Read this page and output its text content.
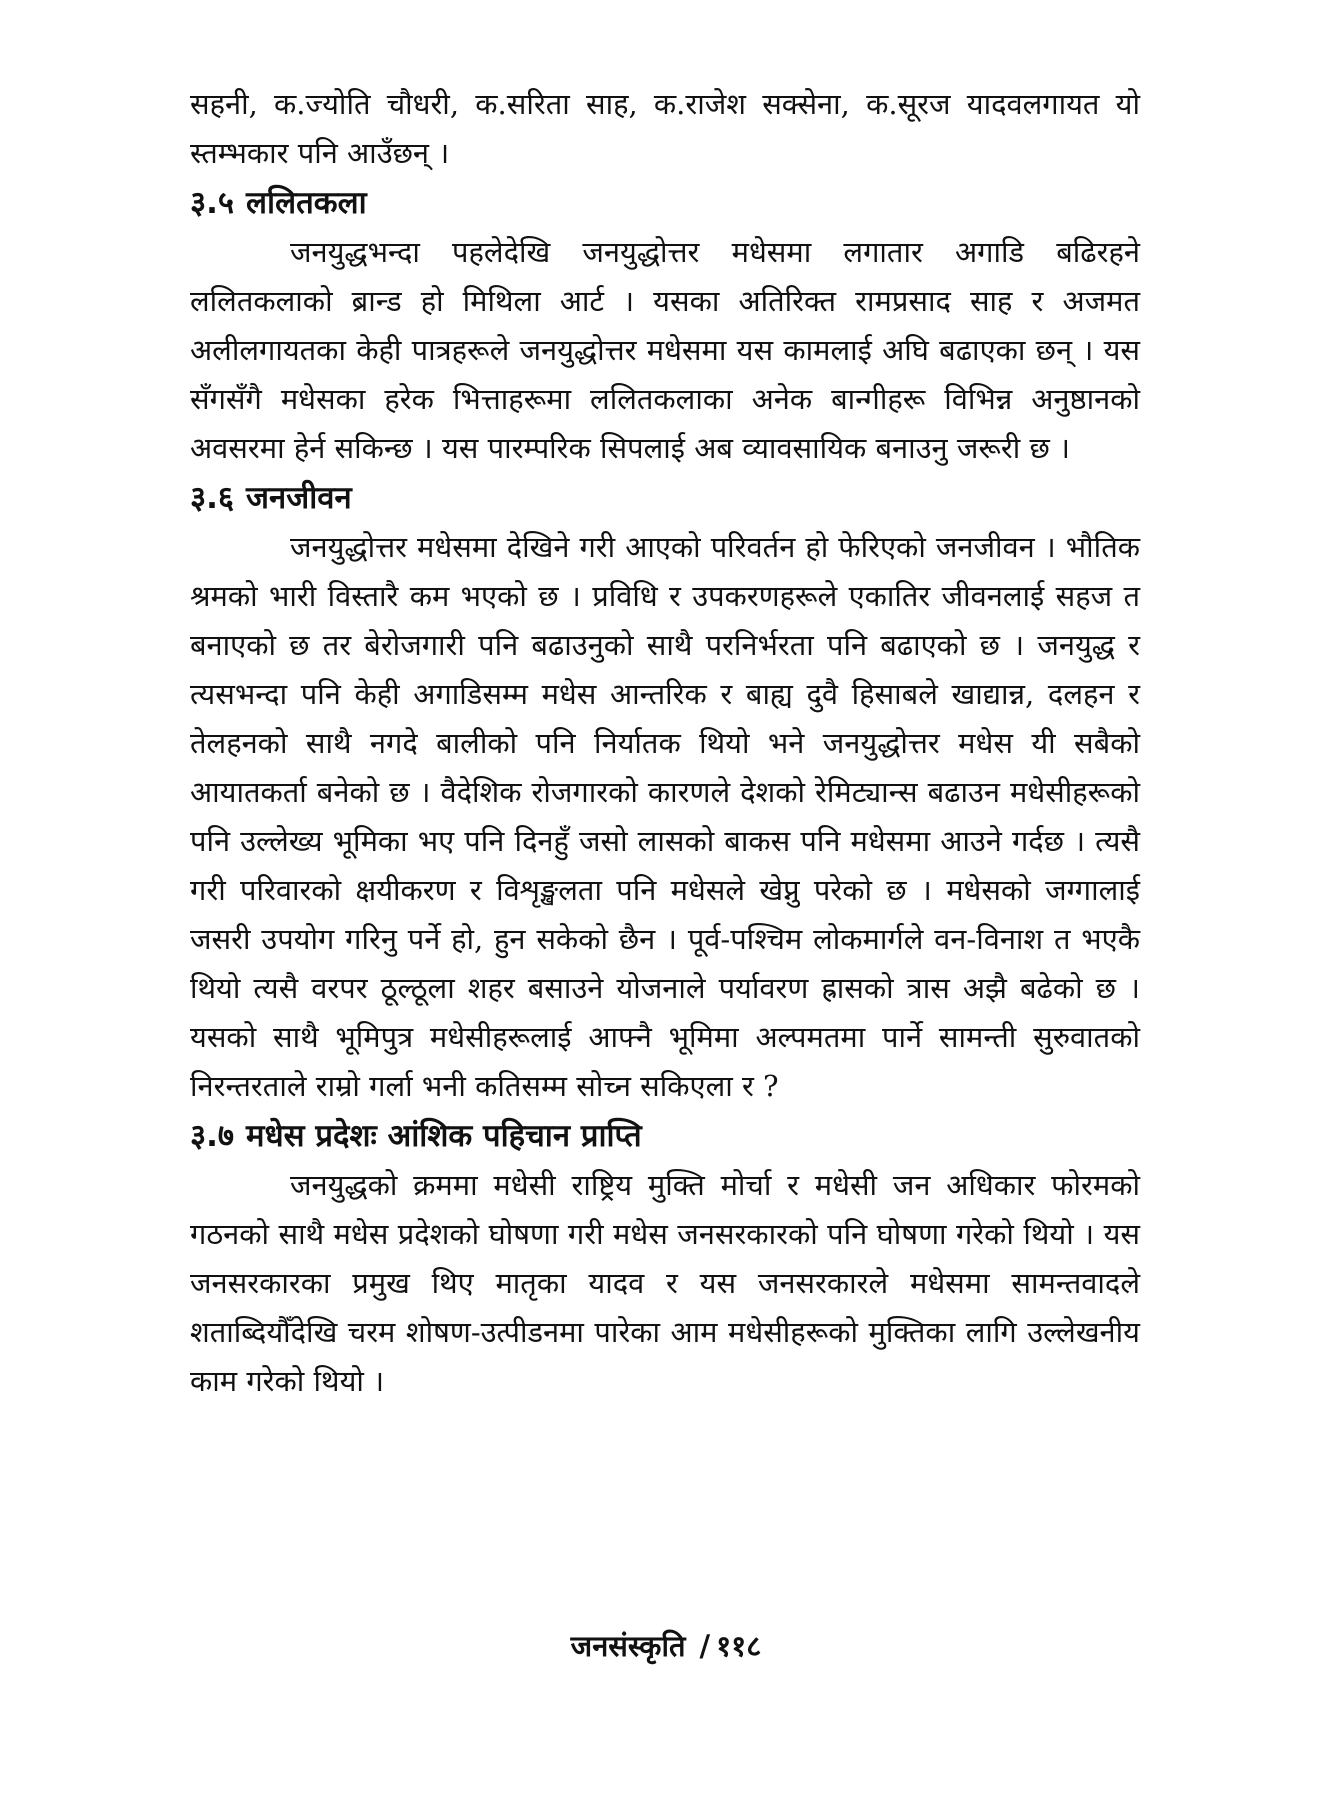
सहनी, क.ज्योति चौधरी, क.सरिता साह, क.राजेश सक्सेना, क.सूरज यादवलगायत यो स्तम्भकार पनि आउँछन् ।

३.५ ललितकला

जनयुद्धभन्दा पहलेदेखि जनयुद्धोत्तर मधेसमा लगातार अगाडि बढिरहने ललितकलाको ब्रान्ड हो मिथिला आर्ट । यसका अतिरिक्त रामप्रसाद साह र अजमत अलीलगायतका केही पात्रहरूले जनयुद्धोत्तर मधेसमा यस कामलाई अघि बढाएका छन् । यस सँगसँगै मधेसका हरेक भित्ताहरूमा ललितकलाका अनेक बान्गीहरू विभिन्न अनुष्ठानको अवसरमा हेर्न सकिन्छ । यस पारम्परिक सिपलाई अब व्यावसायिक बनाउनु जरूरी छ ।

३.६ जनजीवन

जनयुद्धोत्तर मधेसमा देखिने गरी आएको परिवर्तन हो फेरिएको जनजीवन । भौतिक श्रमको भारी विस्तारै कम भएको छ । प्रविधि र उपकरणहरूले एकातिर जीवनलाई सहज त बनाएको छ तर बेरोजगारी पनि बढाउनुको साथै परनिर्भरता पनि बढाएको छ । जनयुद्ध र त्यसभन्दा पनि केही अगाडिसम्म मधेस आन्तरिक र बाह्य दुवै हिसाबले खाद्यान्न, दलहन र तेलहनको साथै नगदे बालीको पनि निर्यातक थियो भने जनयुद्धोत्तर मधेस यी सबैको आयातकर्ता बनेको छ । वैदेशिक रोजगारको कारणले देशको रेमिट्यान्स बढाउन मधेसीहरूको पनि उल्लेख्य भूमिका भए पनि दिनहुँ जसो लासको बाकस पनि मधेसमा आउने गर्दछ । त्यसै गरी परिवारको क्षयीकरण र विशृङ्खलता पनि मधेसले खेप्नु परेको छ । मधेसको जग्गालाई जसरी उपयोग गरिनु पर्ने हो, हुन सकेको छैन । पूर्व-पश्चिम लोकमार्गले वन-विनाश त भएकै थियो त्यसै वरपर ठूल्ठूला शहर बसाउने योजनाले पर्यावरण ह्रासको त्रास अझै बढेको छ । यसको साथै भूमिपुत्र मधेसीहरूलाई आफ्नै भूमिमा अल्पमतमा पार्ने सामन्ती सुरुवातको निरन्तरताले राम्रो गर्ला भनी कतिसम्म सोच्न सकिएला र ?

३.७ मधेस प्रदेशः आंशिक पहिचान प्राप्ति

जनयुद्धको क्रममा मधेसी राष्ट्रिय मुक्ति मोर्चा र मधेसी जन अधिकार फोरमको गठनको साथै मधेस प्रदेशको घोषणा गरी मधेस जनसरकारको पनि घोषणा गरेको थियो । यस जनसरकारका प्रमुख थिए मातृका यादव र यस जनसरकारले मधेसमा सामन्तवादले शताब्दियौँदेखि चरम शोषण-उत्पीडनमा पारेका आम मधेसीहरूको मुक्तिका लागि उल्लेखनीय काम गरेको थियो ।

जनसंस्कृति / ११८
